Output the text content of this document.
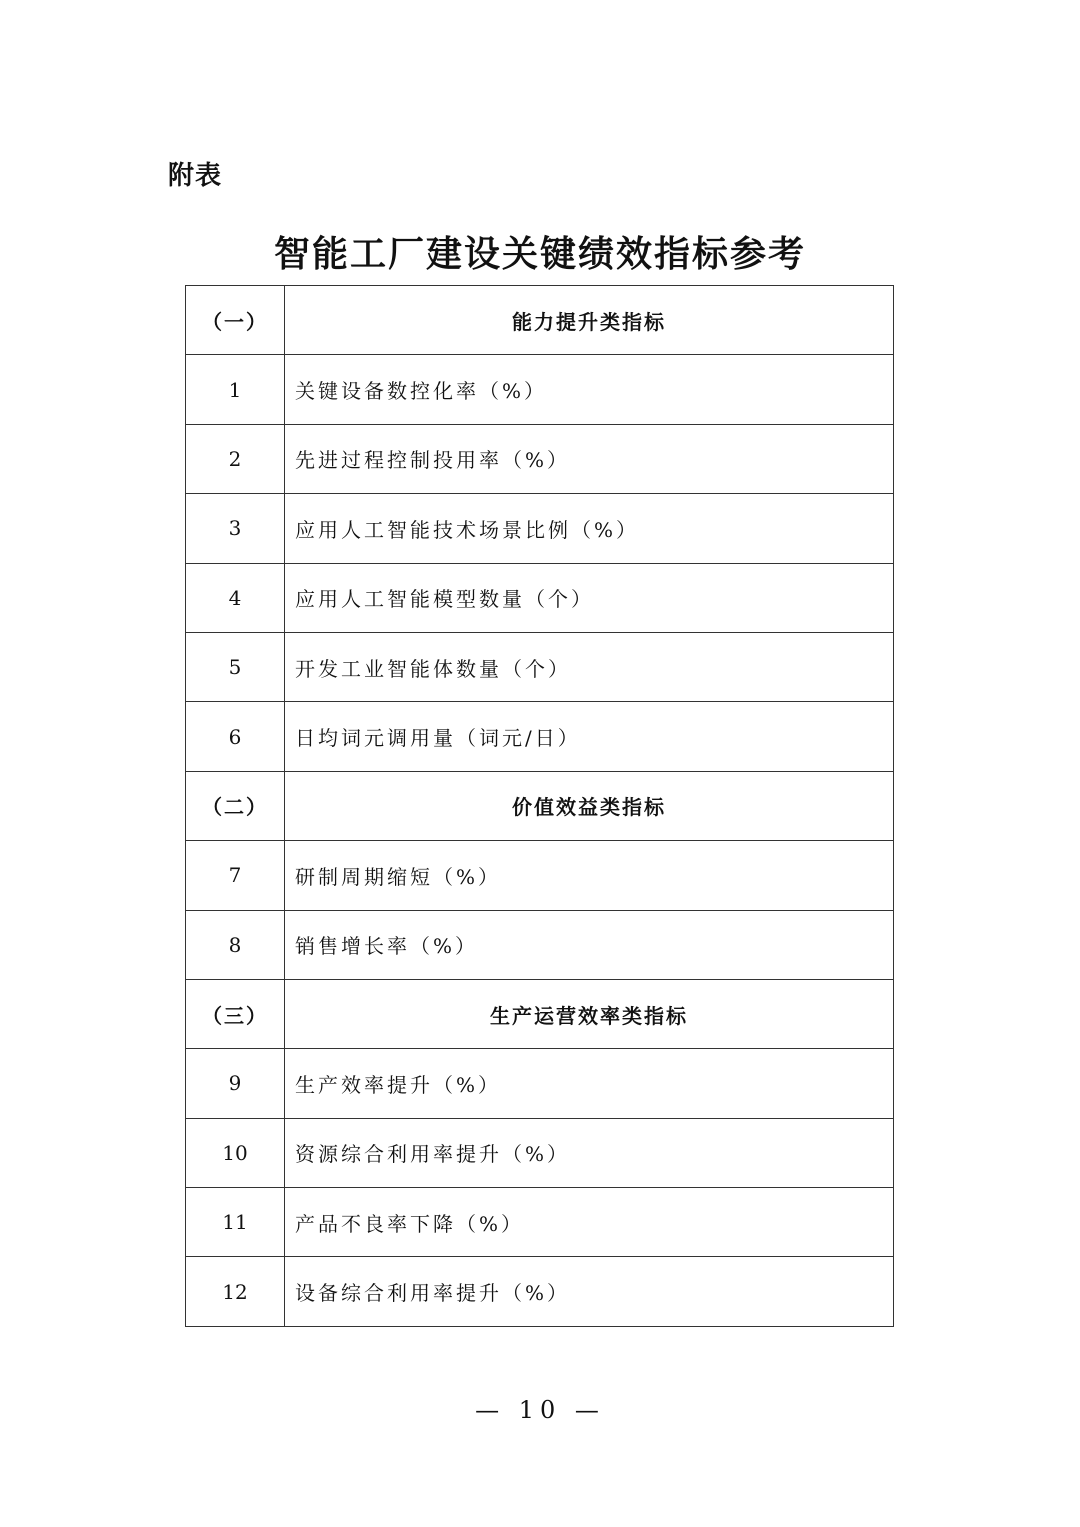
附表
智能工厂建设关键绩效指标参考
（一）	能力提升类指标
1	关键设备数控化率（%）
2	先进过程控制投用率（%）
3	应用人工智能技术场景比例（%）
4	应用人工智能模型数量（个）
5	开发工业智能体数量（个）
6	日均词元调用量（词元/日）
（二）	价值效益类指标
7	研制周期缩短（%）
8	销售增长率（%）
（三）	生产运营效率类指标
9	生产效率提升（%）
10	资源综合利用率提升（%）
11	产品不良率下降（%）
12	设备综合利用率提升（%）
— 10 —
